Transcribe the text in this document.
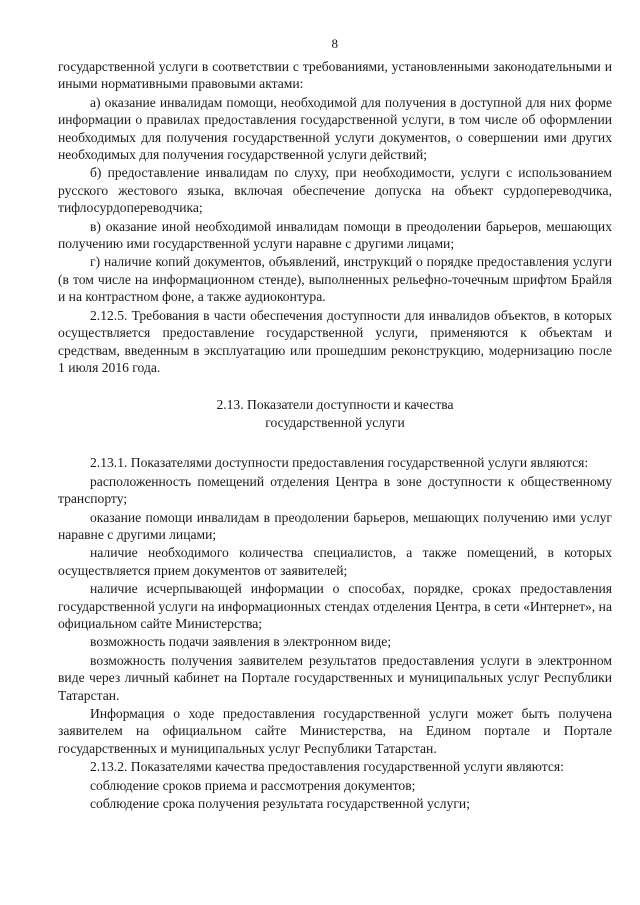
8

государственной услуги в соответствии с требованиями, установленными законодательными и иными нормативными правовыми актами:

а) оказание инвалидам помощи, необходимой для получения в доступной для них форме информации о правилах предоставления государственной услуги, в том числе об оформлении необходимых для получения государственной услуги документов, о совершении ими других необходимых для получения государственной услуги действий;

б) предоставление инвалидам по слуху, при необходимости, услуги с использованием русского жестового языка, включая обеспечение допуска на объект сурдопереводчика, тифлосурдопереводчика;

в) оказание иной необходимой инвалидам помощи в преодолении барьеров, мешающих получению ими государственной услуги наравне с другими лицами;

г) наличие копий документов, объявлений, инструкций о порядке предоставления услуги (в том числе на информационном стенде), выполненных рельефно-точечным шрифтом Брайля и на контрастном фоне, а также аудиоконтура.

2.12.5. Требования в части обеспечения доступности для инвалидов объектов, в которых осуществляется предоставление государственной услуги, применяются к объектам и средствам, введенным в эксплуатацию или прошедшим реконструкцию, модернизацию после 1 июля 2016 года.

2.13. Показатели доступности и качества
государственной услуги

2.13.1. Показателями доступности предоставления государственной услуги являются:

расположенность помещений отделения Центра в зоне доступности к общественному транспорту;

оказание помощи инвалидам в преодолении барьеров, мешающих получению ими услуг наравне с другими лицами;

наличие необходимого количества специалистов, а также помещений, в которых осуществляется прием документов от заявителей;

наличие исчерпывающей информации о способах, порядке, сроках предоставления государственной услуги на информационных стендах отделения Центра, в сети «Интернет», на официальном сайте Министерства;

возможность подачи заявления в электронном виде;

возможность получения заявителем результатов предоставления услуги в электронном виде через личный кабинет на Портале государственных и муниципальных услуг Республики Татарстан.

Информация о ходе предоставления государственной услуги может быть получена заявителем на официальном сайте Министерства, на Едином портале и Портале государственных и муниципальных услуг Республики Татарстан.

2.13.2. Показателями качества предоставления государственной услуги являются:

соблюдение сроков приема и рассмотрения документов;

соблюдение срока получения результата государственной услуги;
